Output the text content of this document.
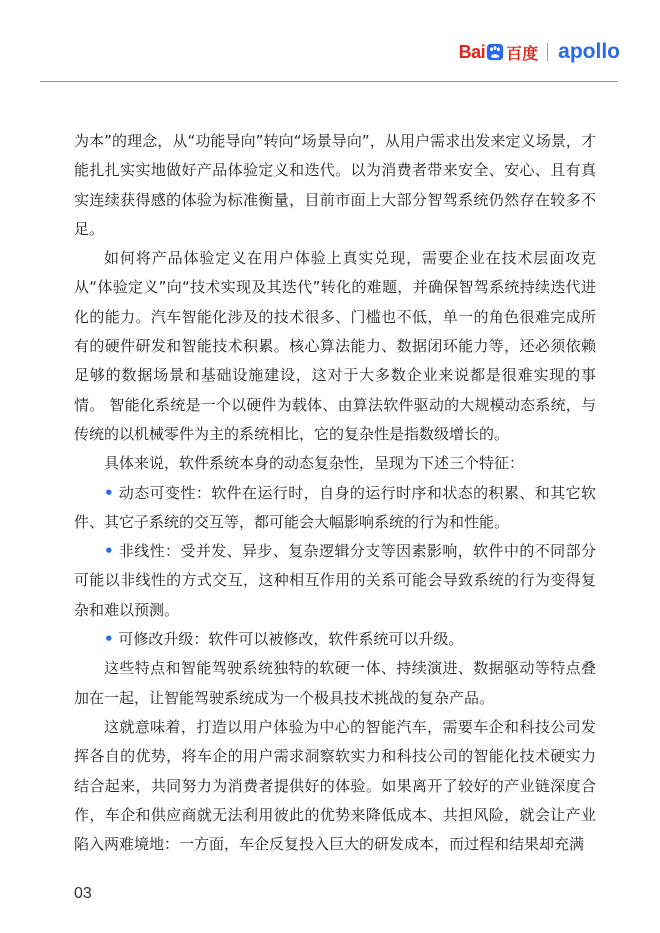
Bai 百度 apollo

为本”的理念，从“功能导向”转向“场景导向”，从用户需求出发来定义场景，才能扎扎实实地做好产品体验定义和迭代。以为消费者带来安全、安心、且有真实连续获得感的体验为标准衡量，目前市面上大部分智驾系统仍然存在较多不足。

如何将产品体验定义在用户体验上真实兑现，需要企业在技术层面攻克从“体验定义”向“技术实现及其迭代”转化的难题，并确保智驾系统持续迭代进化的能力。汽车智能化涉及的技术很多、门槛也不低，单一的角色很难完成所有的硬件研发和智能技术积累。核心算法能力、数据闭环能力等，还必须依赖足够的数据场景和基础设施建设，这对于大多数企业来说都是很难实现的事情。 智能化系统是一个以硬件为载体、由算法软件驱动的大规模动态系统，与传统的以机械零件为主的系统相比，它的复杂性是指数级增长的。

具体来说，软件系统本身的动态复杂性，呈现为下述三个特征：

• 动态可变性：软件在运行时，自身的运行时序和状态的积累、和其它软件、其它子系统的交互等，都可能会大幅影响系统的行为和性能。

• 非线性：受并发、异步、复杂逻辑分支等因素影响，软件中的不同部分可能以非线性的方式交互，这种相互作用的关系可能会导致系统的行为变得复杂和难以预测。

• 可修改升级：软件可以被修改，软件系统可以升级。

这些特点和智能驾驶系统独特的软硬一体、持续演进、数据驱动等特点叠加在一起，让智能驾驶系统成为一个极具技术挑战的复杂产品。

这就意味着，打造以用户体验为中心的智能汽车，需要车企和科技公司发挥各自的优势，将车企的用户需求洞察软实力和科技公司的智能化技术硬实力结合起来，共同努力为消费者提供好的体验。如果离开了较好的产业链深度合作，车企和供应商就无法利用彼此的优势来降低成本、共担风险，就会让产业陷入两难境地：一方面，车企反复投入巨大的研发成本，而过程和结果却充满

03
